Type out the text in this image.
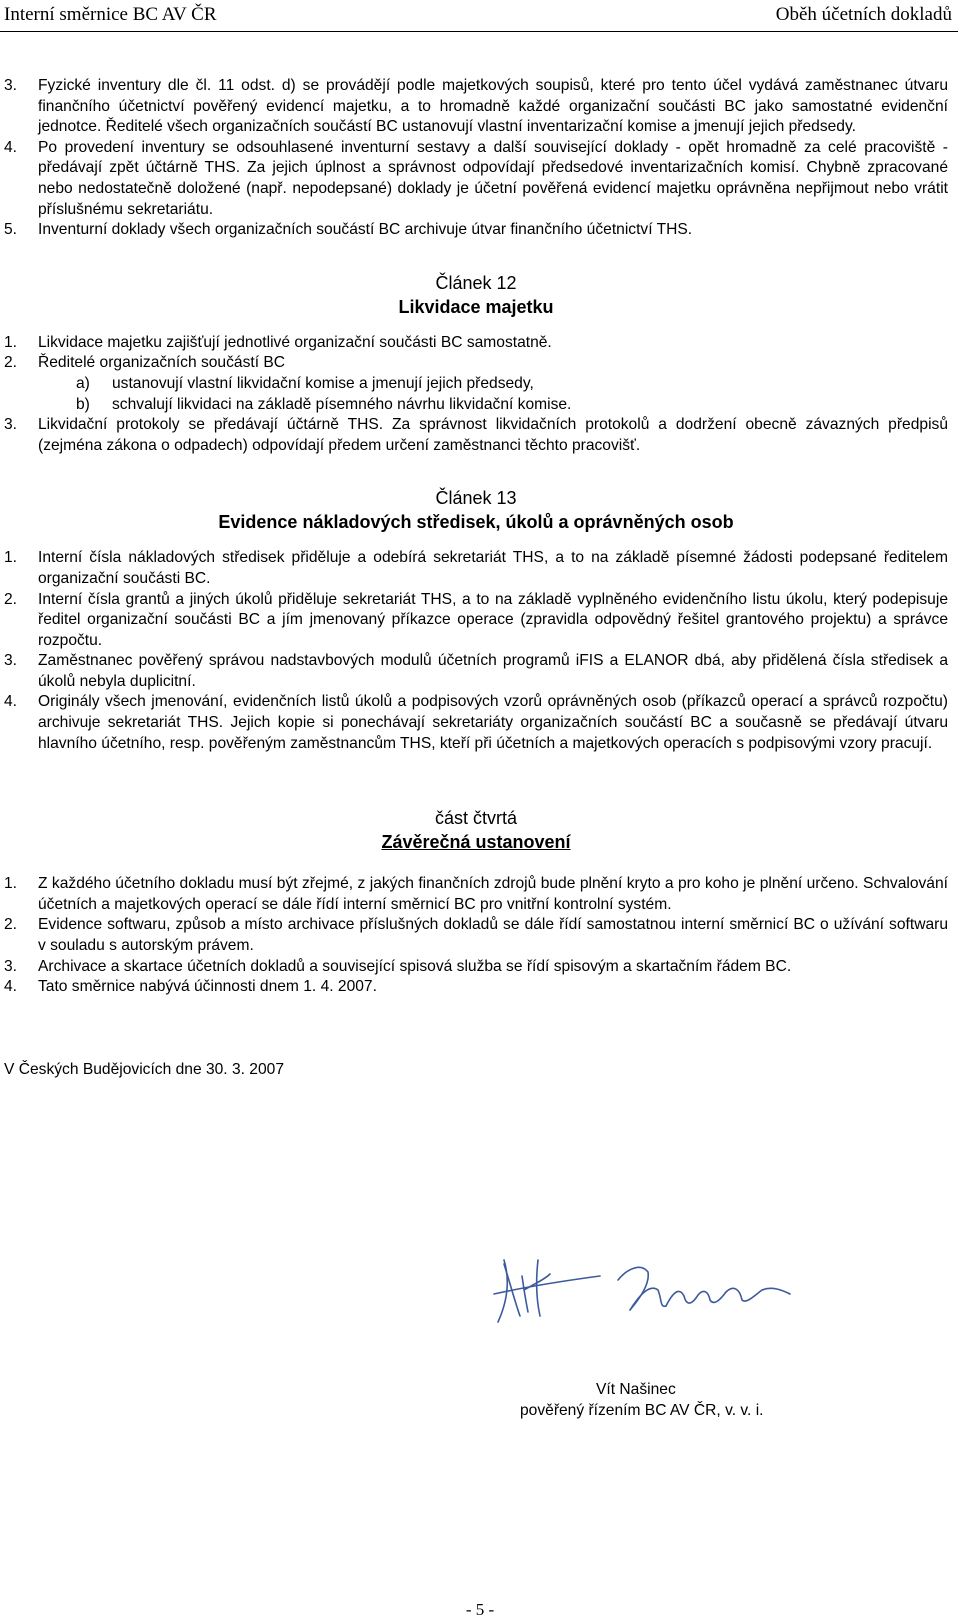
Interní směrnice BC AV ČR	Oběh účetních dokladů
3. Fyzické inventury dle čl. 11 odst. d) se provádějí podle majetkových soupisů, které pro tento účel vydává zaměstnanec útvaru finančního účetnictví pověřený evidencí majetku, a to hromadně každé organizační součásti BC jako samostatné evidenční jednotce. Ředitelé všech organizačních součástí BC ustanovují vlastní inventarizační komise a jmenují jejich předsedy.
4. Po provedení inventury se odsouhlasené inventurní sestavy a další související doklady - opět hromadně za celé pracoviště - předávají zpět účtárně THS. Za jejich úplnost a správnost odpovídají předsedové inventarizačních komisí. Chybně zpracované nebo nedostatečně doložené (např. nepodepsané) doklady je účetní pověřená evidencí majetku oprávněna nepřijmout nebo vrátit příslušnému sekretariátu.
5. Inventurní doklady všech organizačních součástí BC archivuje útvar finančního účetnictví THS.
Článek 12
Likvidace majetku
1. Likvidace majetku zajišťují jednotlivé organizační součásti BC samostatně.
2. Ředitelé organizačních součástí BC
a) ustanovují vlastní likvidační komise a jmenují jejich předsedy,
b) schvalují likvidaci na základě písemného návrhu likvidační komise.
3. Likvidační protokoly se předávají účtárně THS. Za správnost likvidačních protokolů a dodržení obecně závazných předpisů (zejména zákona o odpadech) odpovídají předem určení zaměstnanci těchto pracovišť.
Článek 13
Evidence nákladových středisek, úkolů a oprávněných osob
1. Interní čísla nákladových středisek přiděluje a odebírá sekretariát THS, a to na základě písemné žádosti podepsané ředitelem organizační součásti BC.
2. Interní čísla grantů a jiných úkolů přiděluje sekretariát THS, a to na základě vyplněného evidenčního listu úkolu, který podepisuje ředitel organizační součásti BC a jím jmenovaný příkazce operace (zpravidla odpovědný řešitel grantového projektu) a správce rozpočtu.
3. Zaměstnanec pověřený správou nadstavbových modulů účetních programů iFIS a ELANOR dbá, aby přidělená čísla středisek a úkolů nebyla duplicitní.
4. Originály všech jmenování, evidenčních listů úkolů a podpisových vzorů oprávněných osob (příkazců operací a správců rozpočtu) archivuje sekretariát THS. Jejich kopie si ponechávají sekretariáty organizačních součástí BC a současně se předávají útvaru hlavního účetního, resp. pověřeným zaměstnancům THS, kteří při účetních a majetkových operacích s podpisovými vzory pracují.
část čtvrtá
Závěrečná ustanovení
1. Z každého účetního dokladu musí být zřejmé, z jakých finančních zdrojů bude plnění kryto a pro koho je plnění určeno. Schvalování účetních a majetkových operací se dále řídí interní směrnicí BC pro vnitřní kontrolní systém.
2. Evidence softwaru, způsob a místo archivace příslušných dokladů se dále řídí samostatnou interní směrnicí BC o užívání softwaru v souladu s autorským právem.
3. Archivace a skartace účetních dokladů a související spisová služba se řídí spisovým a skartačním řádem BC.
4. Tato směrnice nabývá účinnosti dnem 1. 4. 2007.
V Českých Budějovicích dne 30. 3. 2007
Vít Našinec
pověřený řízením BC AV ČR, v. v. i.
- 5 -
